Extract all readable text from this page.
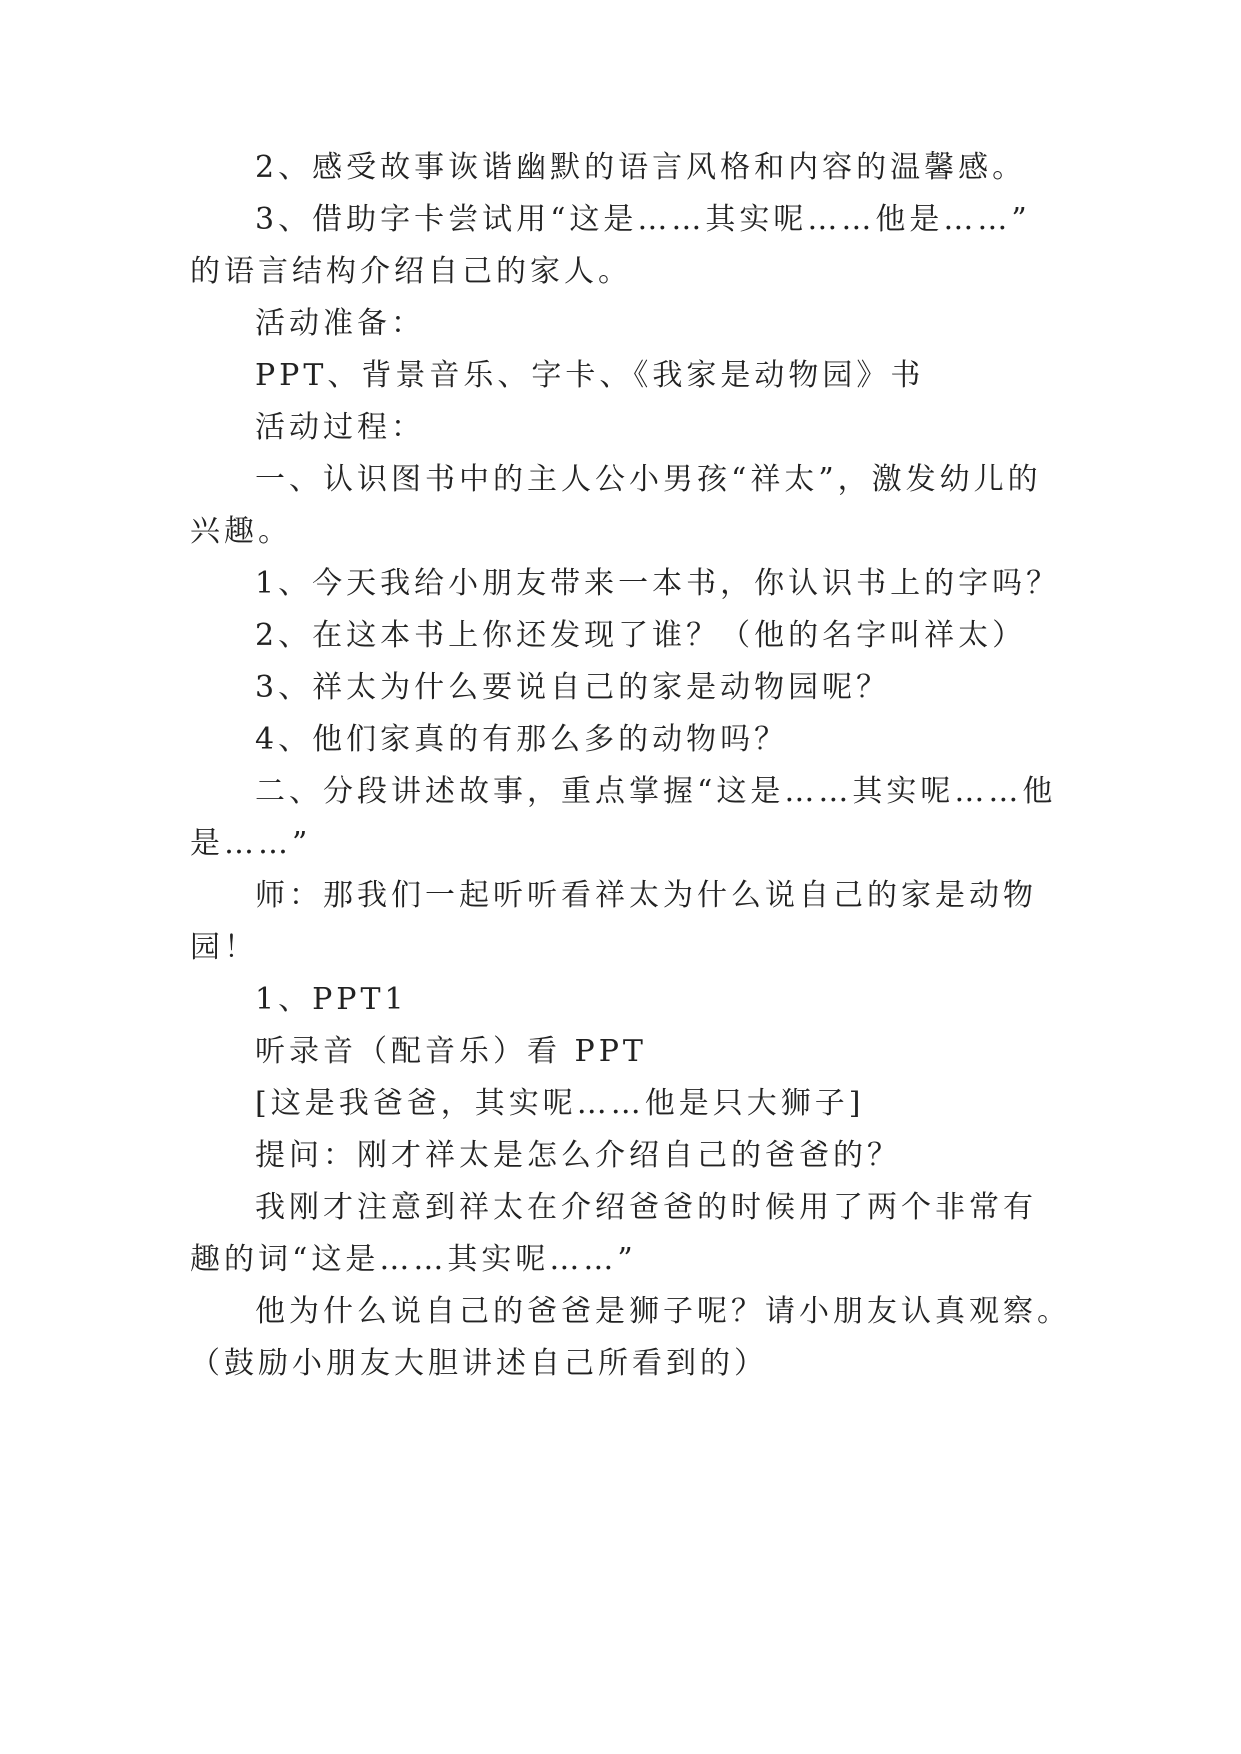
2、感受故事诙谐幽默的语言风格和内容的温馨感。
3、借助字卡尝试用“这是……其实呢……他是……”
的语言结构介绍自己的家人。
活动准备：
PPT、背景音乐、字卡、《我家是动物园》书
活动过程：
一、认识图书中的主人公小男孩“祥太”，激发幼儿的
兴趣。
1、今天我给小朋友带来一本书，你认识书上的字吗？
2、在这本书上你还发现了谁？（他的名字叫祥太）
3、祥太为什么要说自己的家是动物园呢？
4、他们家真的有那么多的动物吗？
二、分段讲述故事，重点掌握“这是……其实呢……他
是……”
师：那我们一起听听看祥太为什么说自己的家是动物
园！
1、PPT1
听录音（配音乐）看 PPT
[这是我爸爸，其实呢……他是只大狮子]
提问：刚才祥太是怎么介绍自己的爸爸的？
我刚才注意到祥太在介绍爸爸的时候用了两个非常有
趣的词“这是……其实呢……”
他为什么说自己的爸爸是狮子呢？请小朋友认真观察。
（鼓励小朋友大胆讲述自己所看到的）
